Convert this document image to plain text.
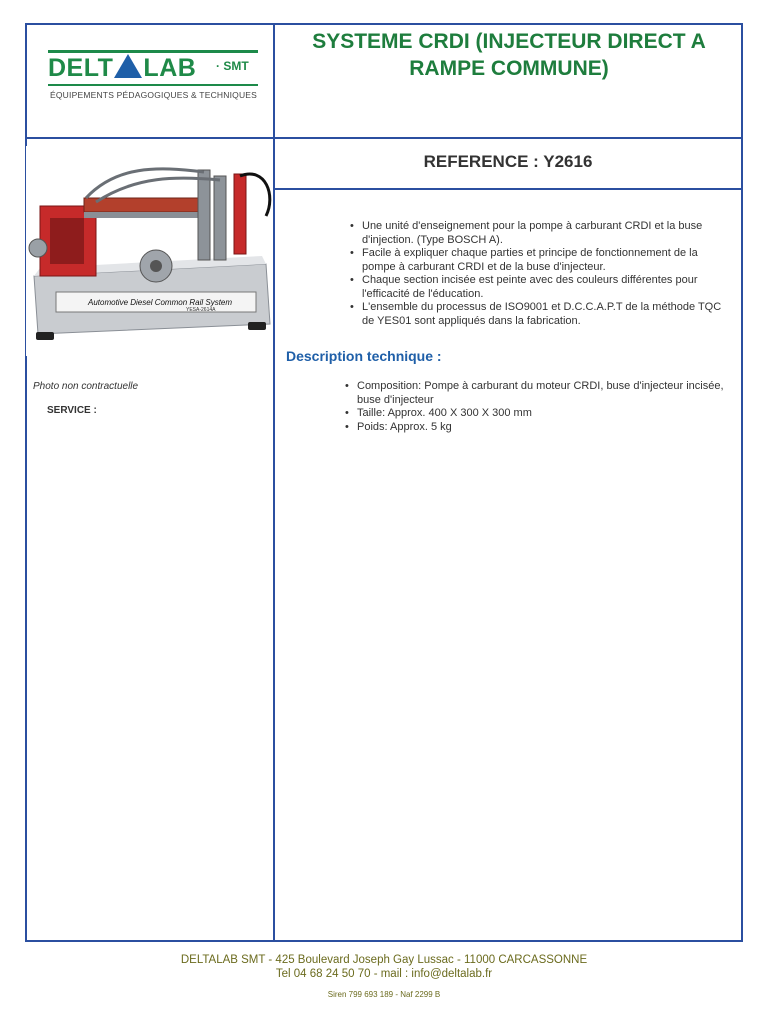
DELT LAB · SMT
ÉQUIPEMENTS PÉDAGOGIQUES & TECHNIQUES
SYSTEME CRDI (INJECTEUR DIRECT A RAMPE COMMUNE)
REFERENCE : Y2616
Automotive Diesel Common Rail System
YESA-2614A
Photo non contractuelle
SERVICE :
• Une unité d'enseignement pour la pompe à carburant CRDI et la buse d'injection. (Type BOSCH A).
• Facile à expliquer chaque parties et principe de fonctionnement de la pompe à carburant CRDI et de la buse d'injecteur.
• Chaque section incisée est peinte avec des couleurs différentes pour l'efficacité de l'éducation.
• L'ensemble du processus de ISO9001 et D.C.C.A.P.T de la méthode TQC de YES01 sont appliqués dans la fabrication.
Description technique :
• Composition: Pompe à carburant du moteur CRDI, buse d'injecteur incisée, buse d'injecteur
• Taille: Approx. 400 X 300 X 300 mm
• Poids: Approx. 5 kg
DELTALAB SMT - 425 Boulevard Joseph Gay Lussac - 11000 CARCASSONNE
Tel 04 68 24 50 70 - mail : info@deltalab.fr
Siren 799 693 189 - Naf 2299 B
